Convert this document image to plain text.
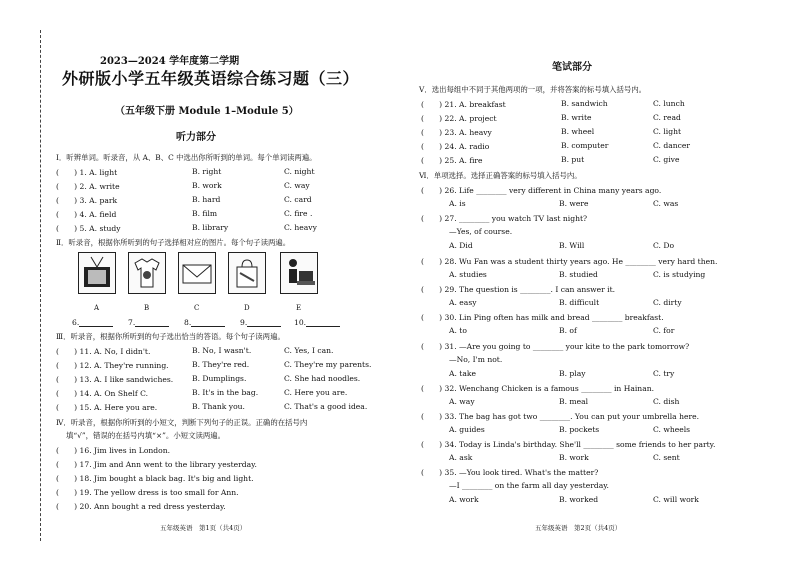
2023—2024 学年度第二学期
外研版小学五年级英语综合练习题（三）
（五年级下册 Module 1–Module 5）
听力部分
Ⅰ．听辨单词。听录音，从 A、B、C 中选出你所听到的单词。每个单词读两遍。
(　　) 1. A. light	B. right	C. night
(　　) 2. A. write	B. work	C. way
(　　) 3. A. park	B. hard	C. card
(　　) 4. A. field	B. film	C. fire .
(　　) 5. A. study	B. library	C. heavy
Ⅱ．听录音，根据你所听到的句子选择相对应的图片。每个句子读两遍。
A	B	C	D	E
6.	7.	8.	9.	10.
Ⅲ．听录音，根据你所听到的句子选出恰当的答语。每个句子读两遍。
(　　) 11. A. No, I didn't.	B. No, I wasn't.	C. Yes, I can.
(　　) 12. A. They're running.	B. They're red.	C. They're my parents.
(　　) 13. A. I like sandwiches. B. Dumplings.	C. She had noodles.
(　　) 14. A. On Shelf C.	B. It's in the bag.	C. Here you are.
(　　) 15. A. Here you are.	B. Thank you.	C. That's a good idea.
Ⅳ．听录音，根据你所听到的小短文，判断下列句子的正误。正确的在括号内
填“√”，错误的在括号内填“×”。小短文读两遍。
(　　) 16. Jim lives in London.
(　　) 17. Jim and Ann went to the library yesterday.
(　　) 18. Jim bought a black bag. It's big and light.
(　　) 19. The yellow dress is too small for Ann.
(　　) 20. Ann bought a red dress yesterday.
五年级英语　第1页（共4页）
笔试部分
Ⅴ．选出每组中不同于其他两项的一项，并将答案的标号填入括号内。
(　　) 21. A. breakfast	B. sandwich	C. lunch
(　　) 22. A. project	B. write	C. read
(　　) 23. A. heavy	B. wheel	C. light
(　　) 24. A. radio	B. computer	C. dancer
(　　) 25. A. fire	B. put	C. give
Ⅵ．单项选择。选择正确答案的标号填入括号内。
(　　) 26. Life ________ very different in China many years ago.
A. is	B. were	C. was
(　　) 27. ________ you watch TV last night?
—Yes, of course.
A. Did	B. Will	C. Do
(　　) 28. Wu Fan was a student thirty years ago. He ________ very hard then.
A. studies	B. studied	C. is studying
(　　) 29. The question is ________. I can answer it.
A. easy	B. difficult	C. dirty
(　　) 30. Lin Ping often has milk and bread ________ breakfast.
A. to	B. of	C. for
(　　) 31. —Are you going to ________ your kite to the park tomorrow?
—No, I'm not.
A. take	B. play	C. try
(　　) 32. Wenchang Chicken is a famous ________ in Hainan.
A. way	B. meal	C. dish
(　　) 33. The bag has got two ________. You can put your umbrella here.
A. guides	B. pockets	C. wheels
(　　) 34. Today is Linda's birthday. She'll ________ some friends to her party.
A. ask	B. work	C. sent
(　　) 35. —You look tired. What's the matter?
—I ________ on the farm all day yesterday.
A. work	B. worked	C. will work
五年级英语　第2页（共4页）
